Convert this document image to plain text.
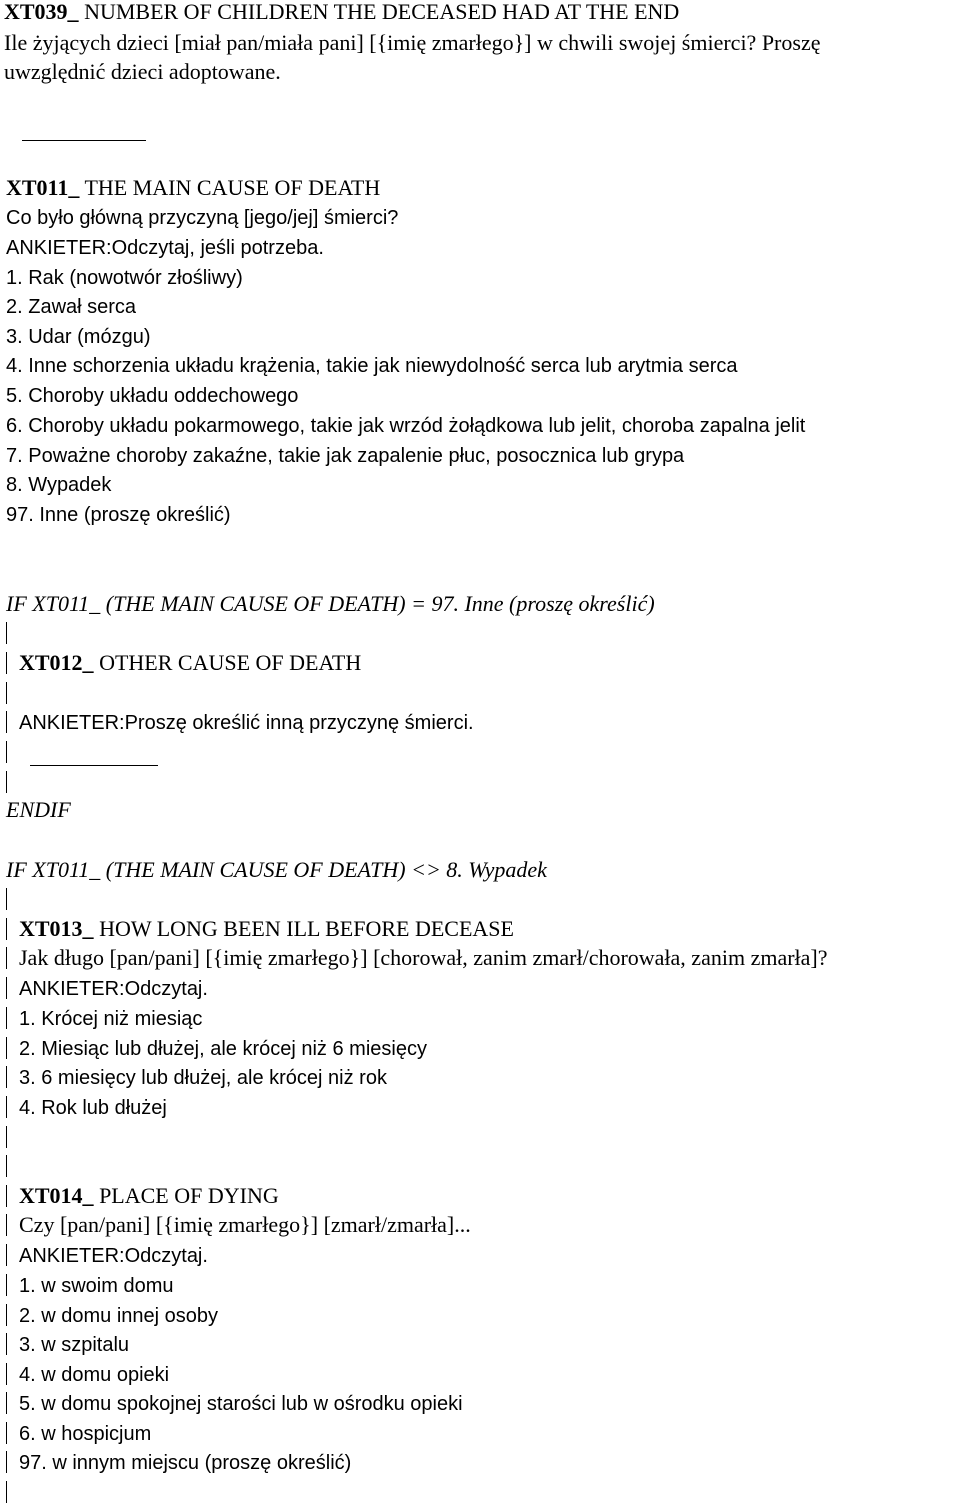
XT039_ NUMBER OF CHILDREN THE DECEASED HAD AT THE END
Ile żyjących dzieci [miał pan/miała pani] [{imię zmarłego}] w chwili swojej śmierci? Proszę
uwzględnić dzieci adoptowane.
XT011_ THE MAIN CAUSE OF DEATH
Co było główną przyczyną [jego/jej] śmierci?
ANKIETER:Odczytaj, jeśli potrzeba.
1. Rak (nowotwór złośliwy)
2. Zawał serca
3. Udar (mózgu)
4. Inne schorzenia układu krążenia, takie jak niewydolność serca lub arytmia serca
5. Choroby układu oddechowego
6. Choroby układu pokarmowego, takie jak wrzód żołądkowa lub jelit, choroba zapalna jelit
7. Poważne choroby zakaźne, takie jak zapalenie płuc, posocznica lub grypa
8. Wypadek
97. Inne (proszę określić)
IF XT011_ (THE MAIN CAUSE OF DEATH) = 97. Inne (proszę określić)
XT012_ OTHER CAUSE OF DEATH
ANKIETER:Proszę określić inną przyczynę śmierci.
ENDIF
IF XT011_ (THE MAIN CAUSE OF DEATH) <> 8. Wypadek
XT013_ HOW LONG BEEN ILL BEFORE DECEASE
Jak długo [pan/pani] [{imię zmarłego}] [chorował, zanim zmarł/chorowała, zanim zmarła]?
ANKIETER:Odczytaj.
1. Krócej niż miesiąc
2. Miesiąc lub dłużej, ale krócej niż 6 miesięcy
3. 6 miesięcy lub dłużej, ale krócej niż rok
4. Rok lub dłużej
XT014_ PLACE OF DYING
Czy [pan/pani] [{imię zmarłego}] [zmarł/zmarła]...
ANKIETER:Odczytaj.
1. w swoim domu
2. w domu innej osoby
3. w szpitalu
4. w domu opieki
5. w domu spokojnej starości lub w ośrodku opieki
6. w hospicjum
97. w innym miejscu (proszę określić)
